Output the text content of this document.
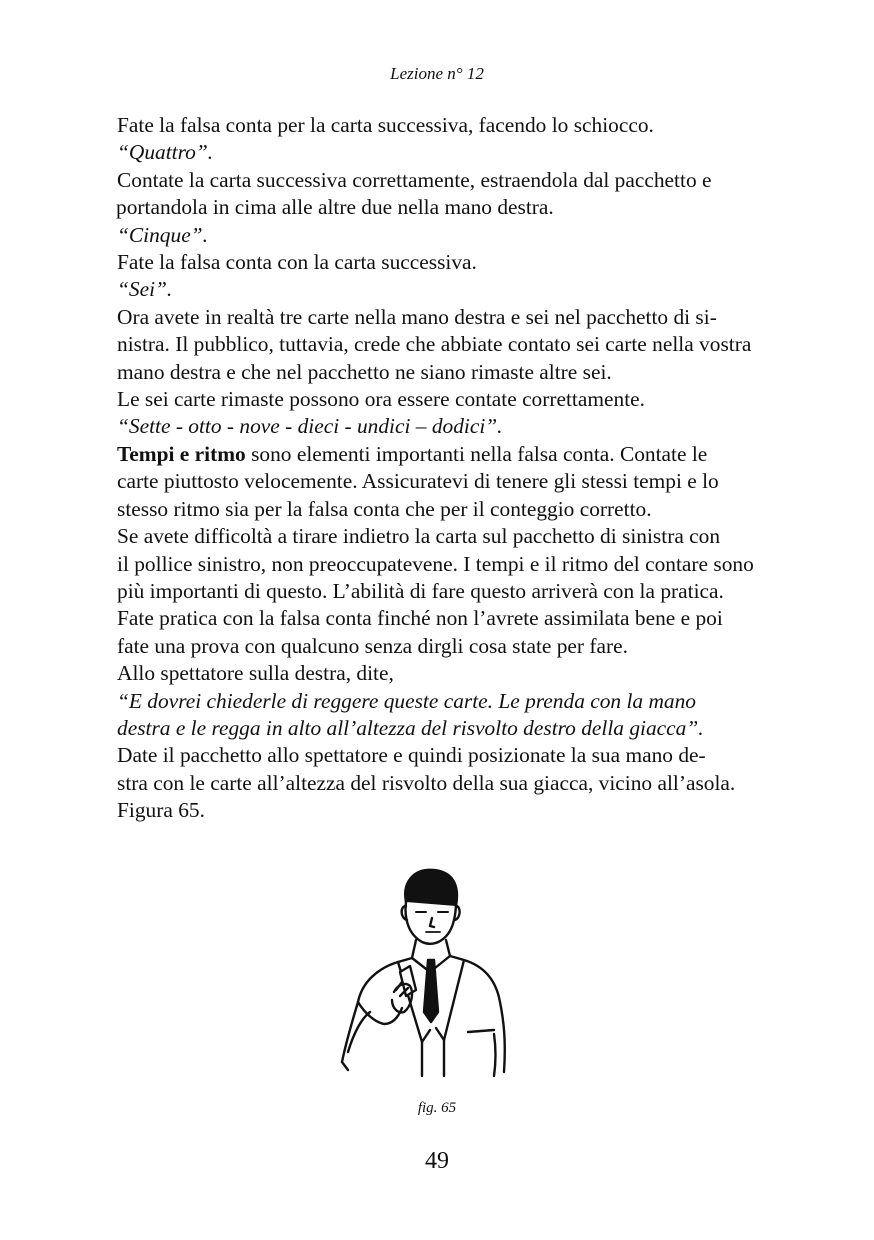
Lezione n° 12
Fate la falsa conta per la carta successiva, facendo lo schiocco.
“Quattro”.
Contate la carta successiva correttamente, estraendola dal pacchetto e
portandola in cima alle altre due nella mano destra.
“Cinque”.
Fate la falsa conta con la carta successiva.
“Sei”.
Ora avete in realtà tre carte nella mano destra e sei nel pacchetto di si-
nistra. Il pubblico, tuttavia, crede che abbiate contato sei carte nella vostra
mano destra e che nel pacchetto ne siano rimaste altre sei.
Le sei carte rimaste possono ora essere contate correttamente.
“Sette - otto - nove - dieci - undici – dodici”.
Tempi e ritmo sono elementi importanti nella falsa conta. Contate le
carte piuttosto velocemente. Assicuratevi di tenere gli stessi tempi e lo
stesso ritmo sia per la falsa conta che per il conteggio corretto.
Se avete difficoltà a tirare indietro la carta sul pacchetto di sinistra con
il pollice sinistro, non preoccupatevene. I tempi e il ritmo del contare sono
più importanti di questo. L’abilità di fare questo arriverà con la pratica.
Fate pratica con la falsa conta finché non l’avrete assimilata bene e poi
fate una prova con qualcuno senza dirgli cosa state per fare.
Allo spettatore sulla destra, dite,
“E dovrei chiederle di reggere queste carte. Le prenda con la mano
destra e le regga in alto all’altezza del risvolto destro della giacca”.
Date il pacchetto allo spettatore e quindi posizionate la sua mano de-
stra con le carte all’altezza del risvolto della sua giacca, vicino all’asola.
Figura 65.
fig. 65
49
